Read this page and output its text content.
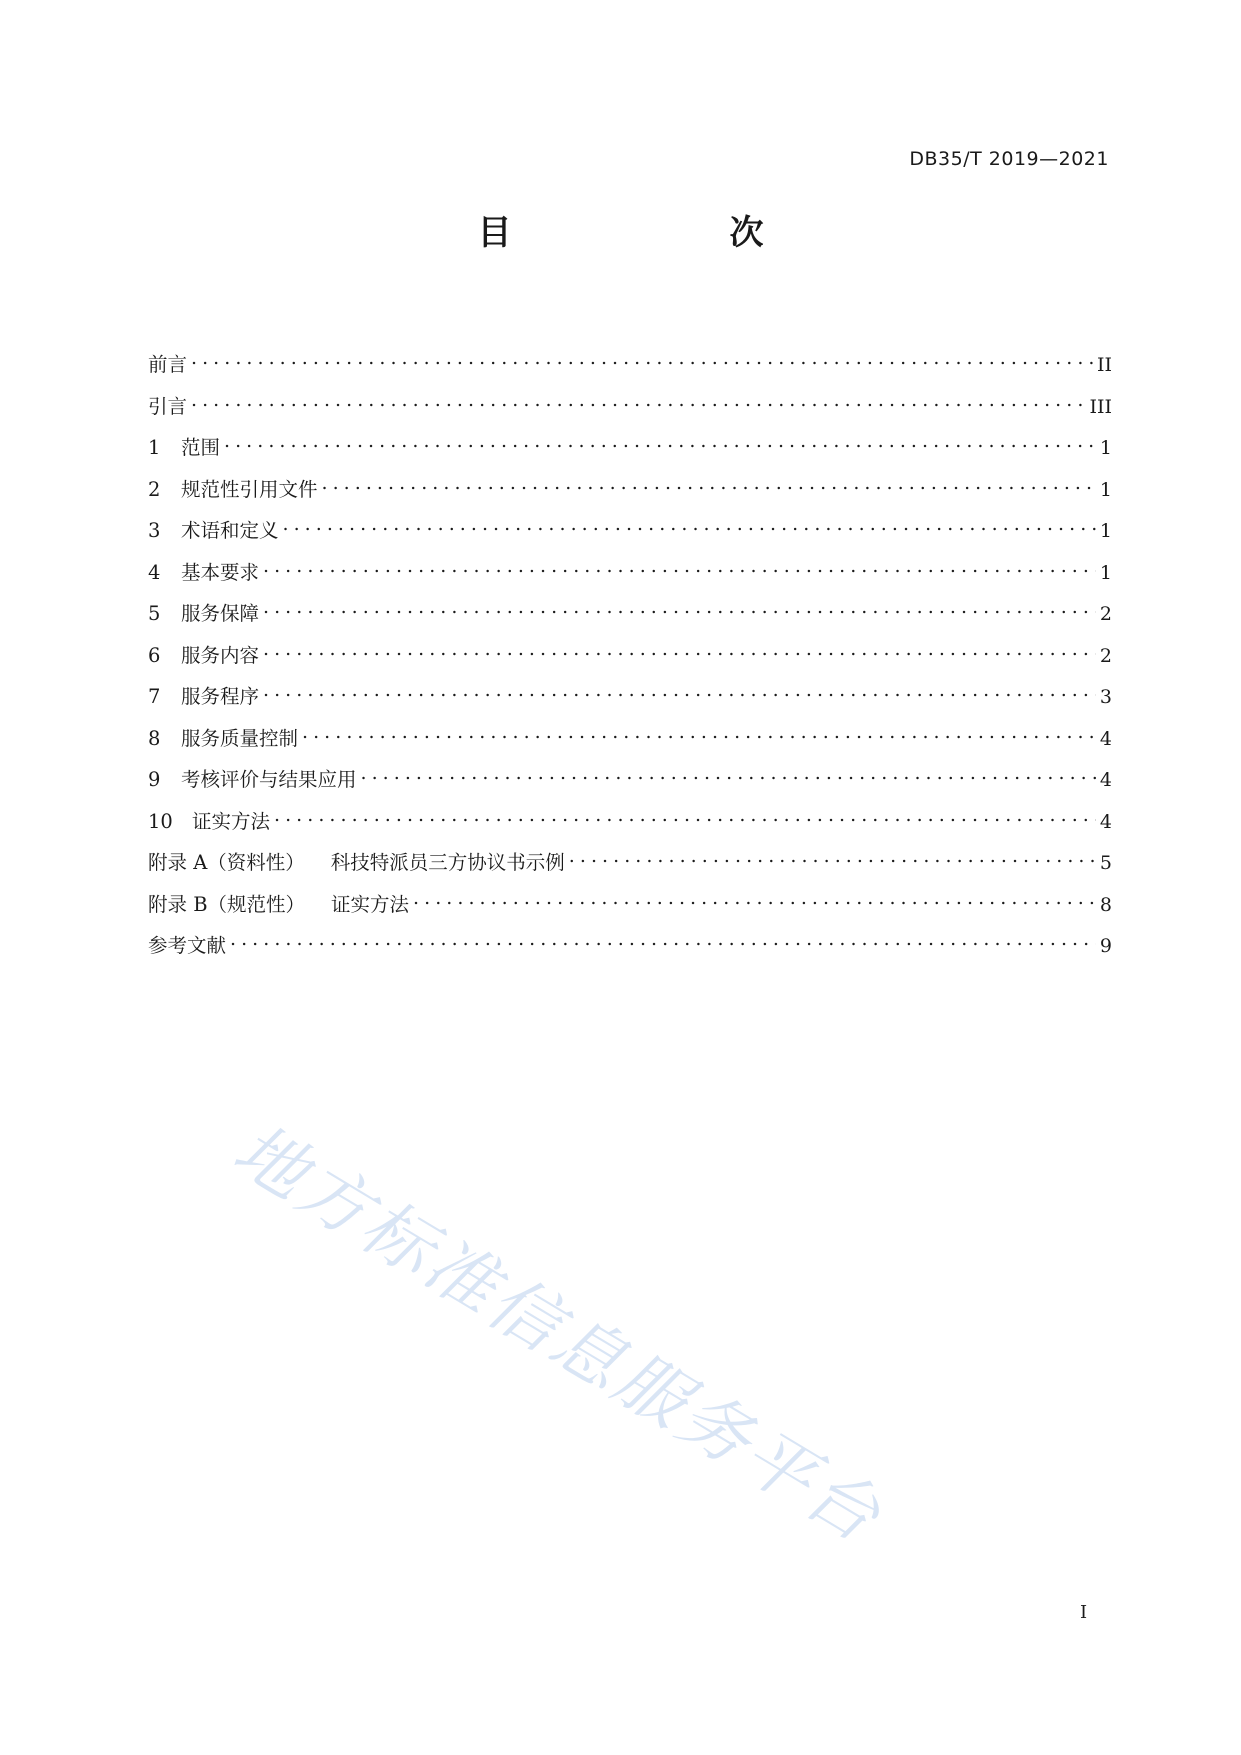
DB35/T 2019—2021
目　　次
前言 . . .	II
引言 . . .	III
1	范围 . . .	1
2	规范性引用文件 . . .	1
3	术语和定义 . . .	1
4	基本要求 . . .	1
5	服务保障 . . .	2
6	服务内容 . . .	2
7	服务程序 . . .	3
8	服务质量控制 . . .	4
9	考核评价与结果应用 . . .	4
10 证实方法 . . .	4
附录 A（资料性） 科技特派员三方协议书示例 . . .	5
附录 B（规范性） 证实方法 . . .	8
参考文献 . . .	9
地方标准信息服务平台
I
